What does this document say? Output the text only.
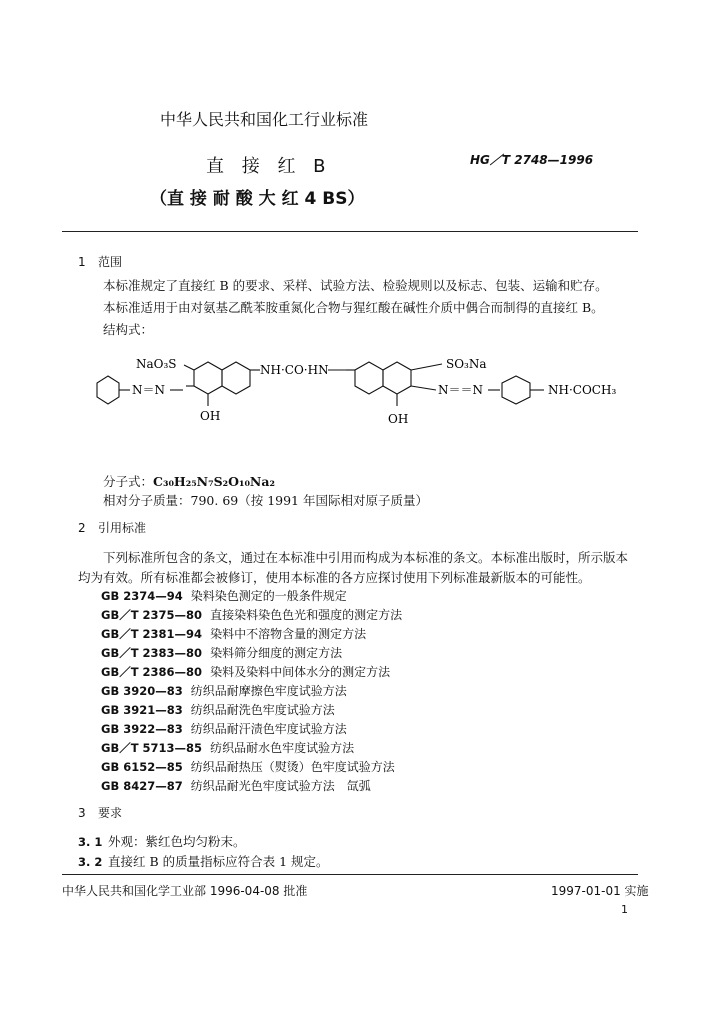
中华人民共和国化工行业标准
直 接 红 B	HG／T 2748—1996
（直 接 耐 酸 大 红 4 BS）
1 范围
本标准规定了直接红 B 的要求、采样、试验方法、检验规则以及标志、包装、运输和贮存。
本标准适用于由对氨基乙酰苯胺重氮化合物与猩红酸在碱性介质中偶合而制得的直接红 B。
结构式：
NaO₃S
N＝N
OH
NH·CO·HN	SO₃Na
N＝＝N
OH
NH·COCH₃
分子式：C₃₀H₂₅N₇S₂O₁₀Na₂
相对分子质量：790. 69（按 1991 年国际相对原子质量）
2 引用标准
下列标准所包含的条文，通过在本标准中引用而构成为本标准的条文。本标准出版时，所示版本
均为有效。所有标准都会被修订，使用本标准的各方应探讨使用下列标准最新版本的可能性。
GB 2374—94 染料染色测定的一般条件规定
GB／T 2375—80 直接染料染色色光和强度的测定方法
GB／T 2381—94 染料中不溶物含量的测定方法
GB／T 2383—80 染料筛分细度的测定方法
GB／T 2386—80 染料及染料中间体水分的测定方法
GB 3920—83 纺织品耐摩擦色牢度试验方法
GB 3921—83 纺织品耐洗色牢度试验方法
GB 3922—83 纺织品耐汗渍色牢度试验方法
GB／T 5713—85 纺织品耐水色牢度试验方法
GB 6152—85 纺织品耐热压（熨烫）色牢度试验方法
GB 8427—87 纺织品耐光色牢度试验方法　氙弧
3 要求
3. 1 外观：紫红色均匀粉末。
3. 2 直接红 B 的质量指标应符合表 1 规定。
中华人民共和国化学工业部 1996-04-08 批准	1997-01-01 实施
1
